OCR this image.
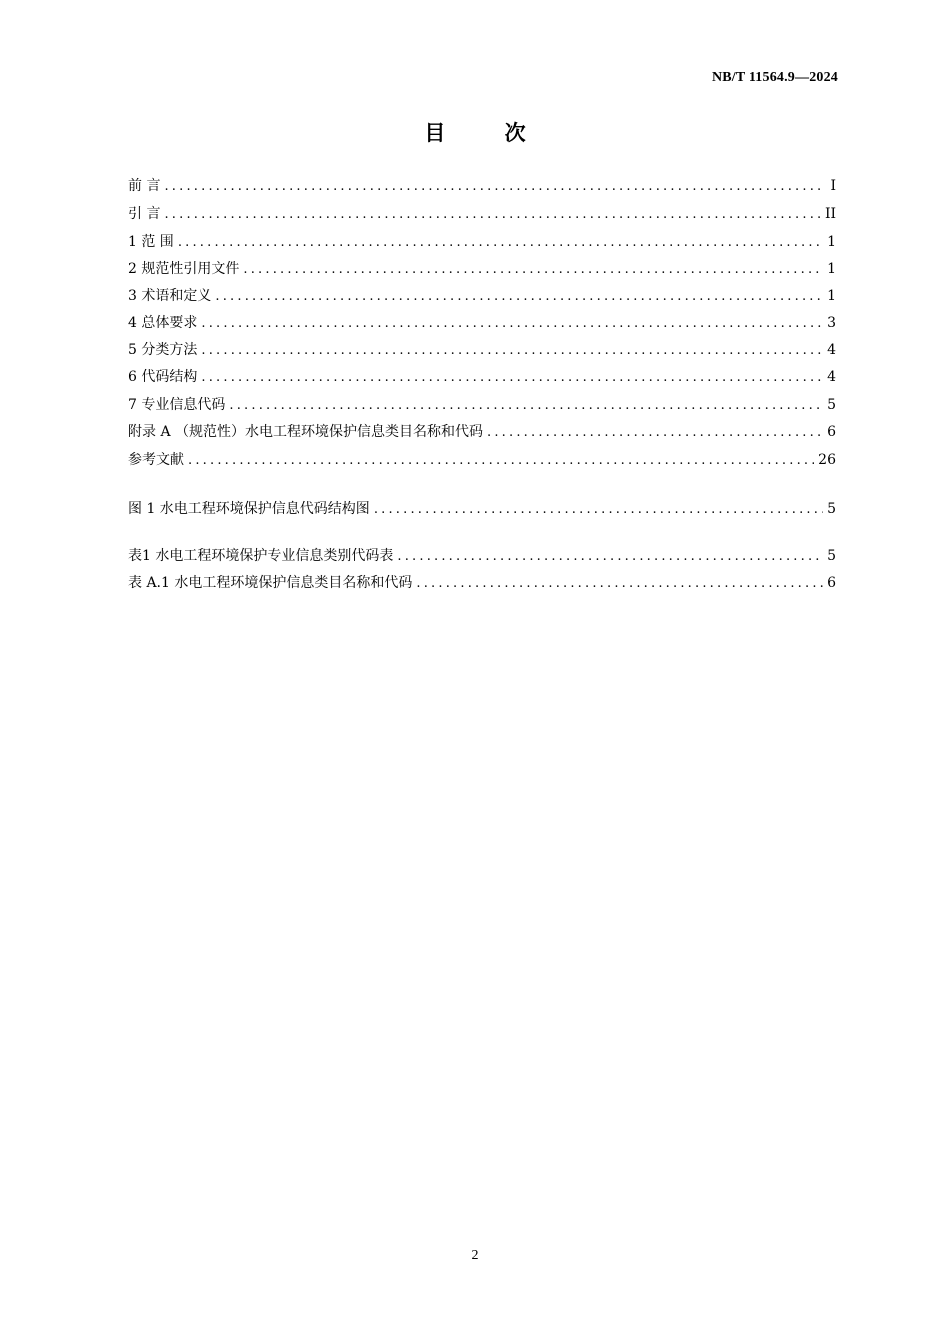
NB/T 11564.9—2024
目 次
前 言 .....	I
引 言 .....	II
1 范 围 .....	1
2 规范性引用文件 .....	1
3 术语和定义 .....	1
4 总体要求 .....	3
5 分类方法 .....	4
6 代码结构 .....	4
7 专业信息代码 .....	5
附录 A （规范性）水电工程环境保护信息类目名称和代码 .....	6
参考文献 .....	26
图 1 水电工程环境保护信息代码结构图 .....	5
表1 水电工程环境保护专业信息类别代码表 .....	5
表 A.1 水电工程环境保护信息类目名称和代码 .....	6
2
